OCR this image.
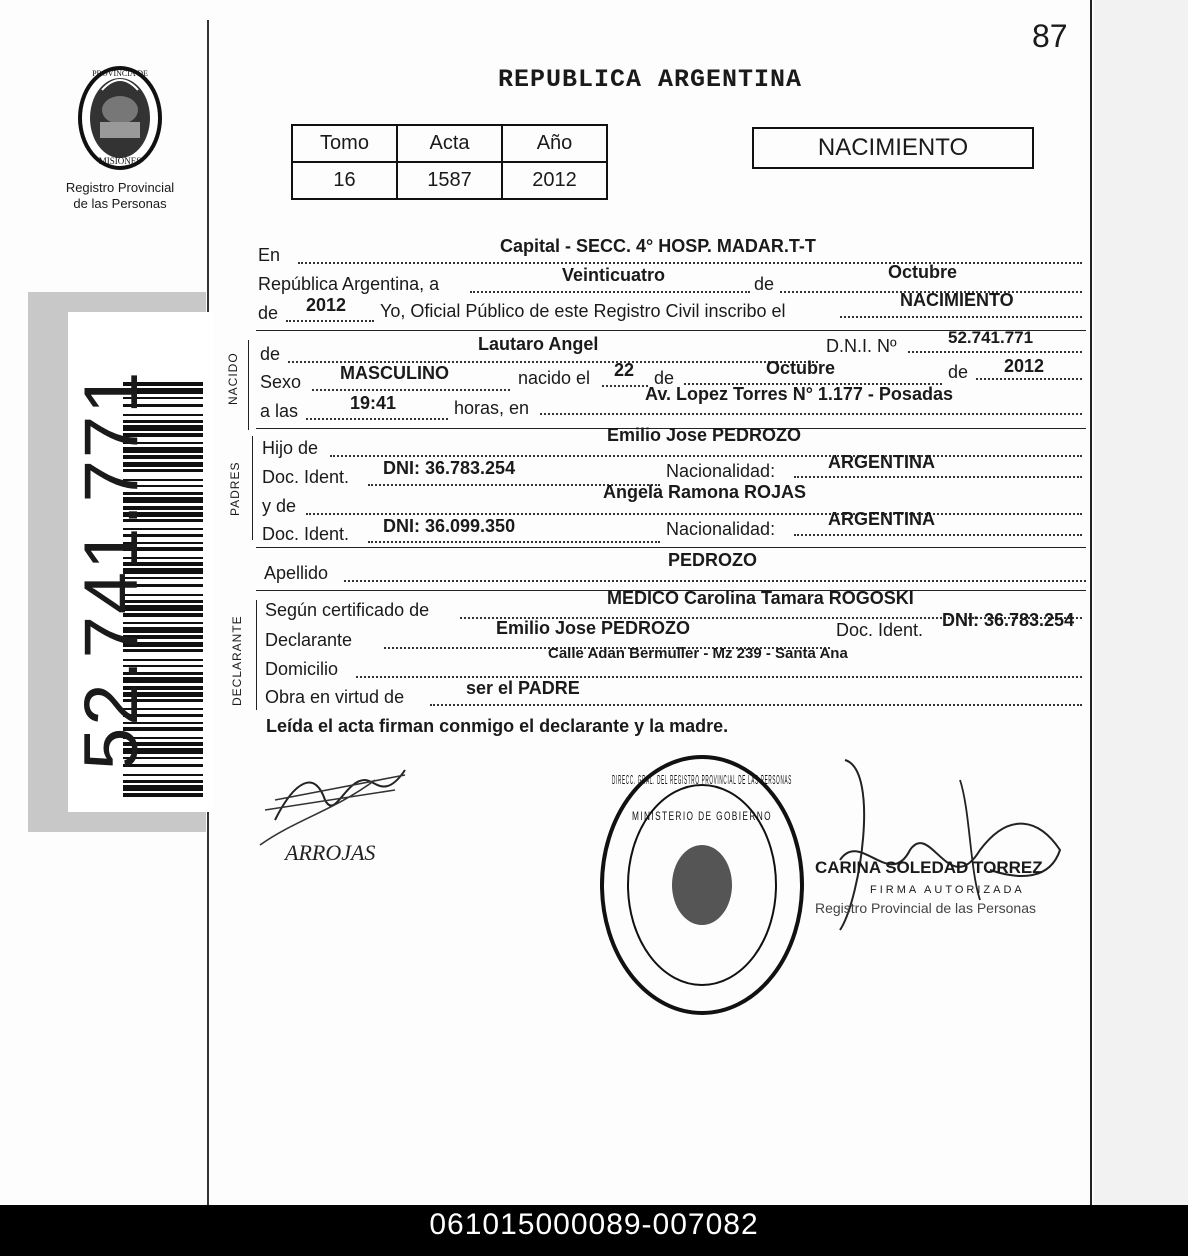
87
REPUBLICA ARGENTINA
PROVINCIA DE
MISIONES
Registro Provincial
de las Personas
52.741.771
Tomo	Acta	Año
16	1587	2012
NACIMIENTO
En	Capital - SECC. 4° HOSP. MADAR.T-T
República Argentina, a	Veinticuatro	de
Octubre
de 2012 Yo, Oficial Público de este Registro Civil inscribo el
NACIMIENTO
NACIDO de	Lautaro Angel	D.N.I. Nº	52.741.771
Sexo MASCULINO	nacido el 22 de	Octubre	de 2012
a las	19:41	horas, en
Av. Lopez Torres N° 1.177 - Posadas
PADRES
Hijo de
Emilio Jose PEDROZO
Doc. Ident. DNI: 36.783.254	Nacionalidad:	ARGENTINA
y de
Angela Ramona ROJAS
Doc. Ident. DNI: 36.099.350	Nacionalidad:	ARGENTINA
Apellido
PEDROZO
DECLARANTE
Según certificado de
MEDICO Carolina Tamara ROGOSKI
Declarante
Emilio Jose PEDROZO	Doc. Ident. DNI: 36.783.254
Domicilio
Calle Adan Bermuller - Mz 239 - Santa Ana
Obra en virtud de	ser el PADRE
Leída el acta firman conmigo el declarante y la madre.
ARROJAS
DIRECC. GRAL. DEL REGISTRO PROVINCIAL DE LAS PERSONAS
MINISTERIO DE GOBIERNO
CARINA SOLEDAD TORREZ
FIRMA AUTORIZADA
Registro Provincial de las Personas
061015000089-007082
